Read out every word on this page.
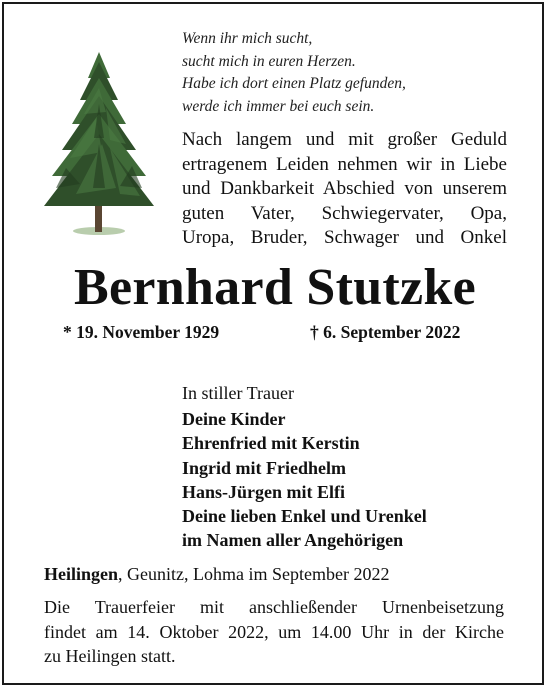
Wenn ihr mich sucht,
sucht mich in euren Herzen.
Habe ich dort einen Platz gefunden,
werde ich immer bei euch sein.
Nach langem und mit großer Geduld
ertragenem Leiden nehmen wir in Liebe
und Dankbarkeit Abschied von unserem
guten Vater, Schwiegervater, Opa,
Uropa, Bruder, Schwager und Onkel
Bernhard Stutzke
* 19. November 1929	† 6. September 2022
In stiller Trauer
Deine Kinder
Ehrenfried mit Kerstin
Ingrid mit Friedhelm
Hans-Jürgen mit Elfi
Deine lieben Enkel und Urenkel
im Namen aller Angehörigen
Heilingen, Geunitz, Lohma im September 2022
Die Trauerfeier mit anschließender Urnenbeisetzung
findet am 14. Oktober 2022, um 14.00 Uhr in der Kirche
zu Heilingen statt.
